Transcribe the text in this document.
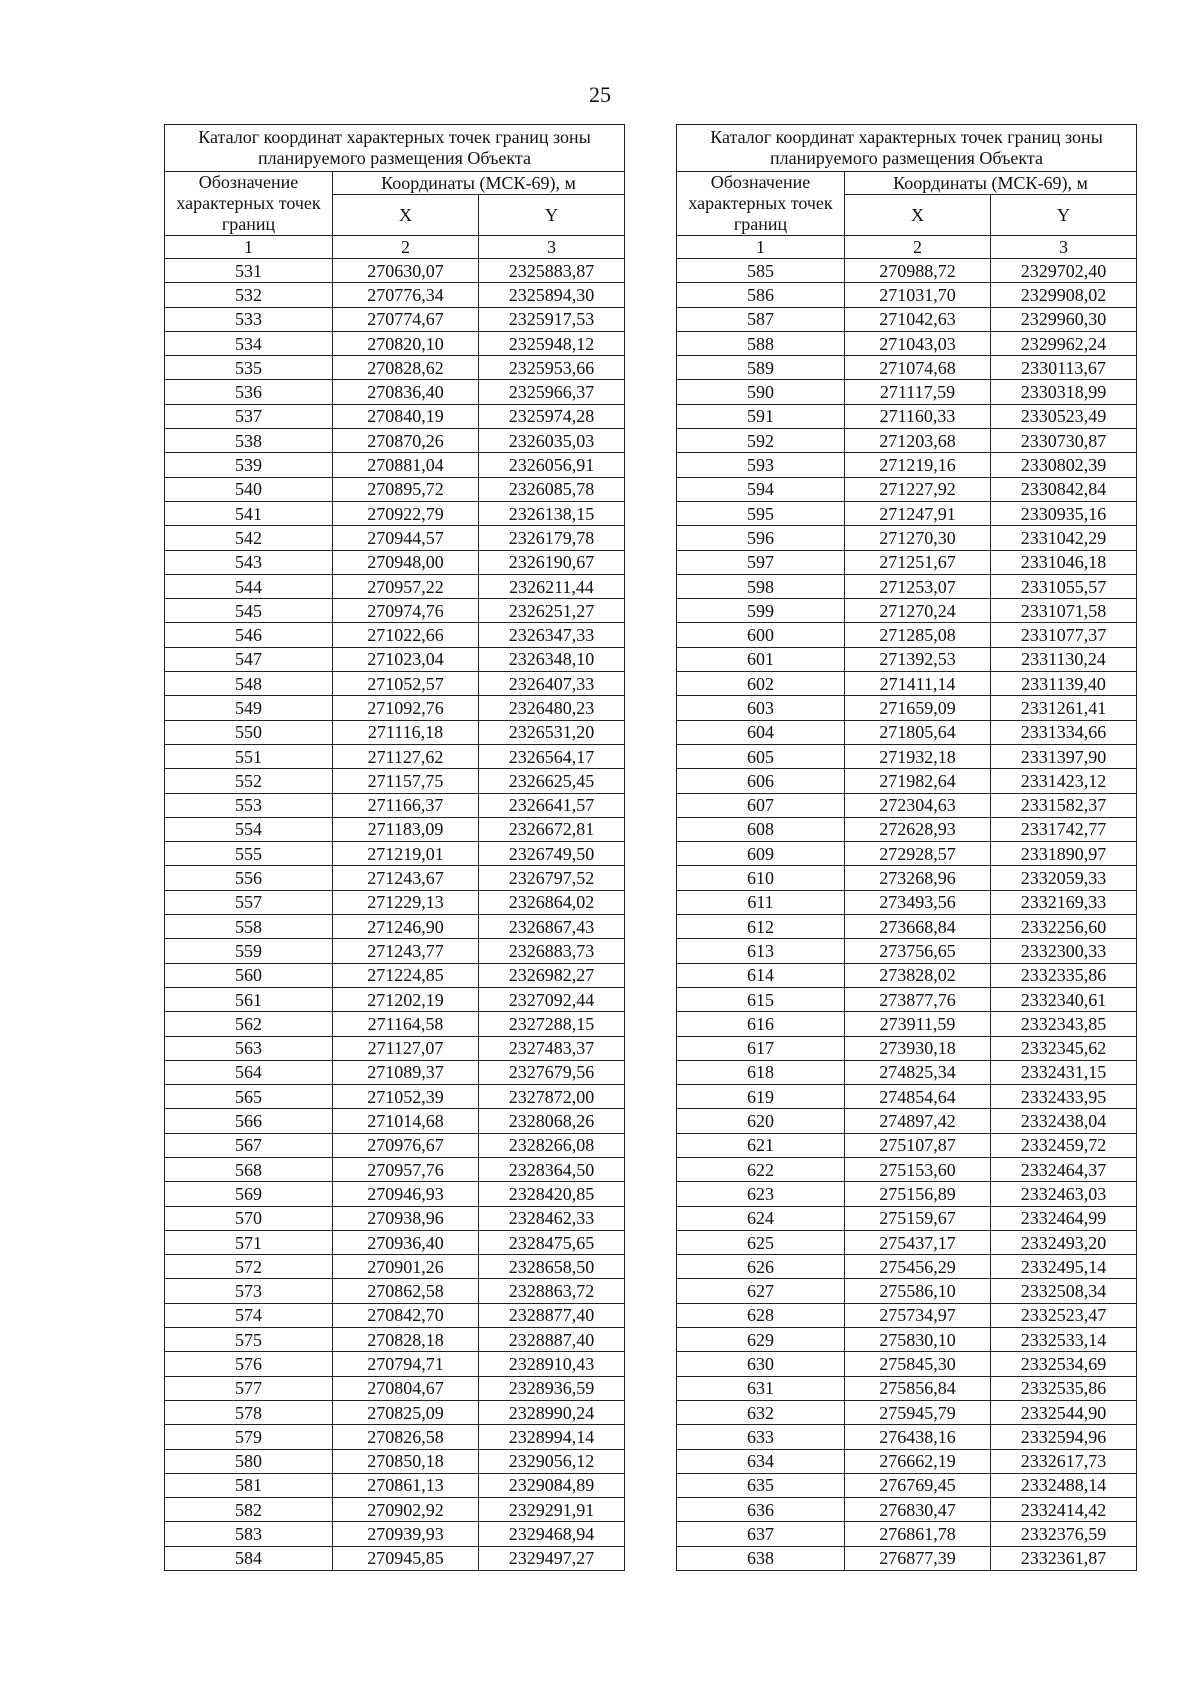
25
Каталог координат характерных точек границ зоны планируемого размещения Объекта		
Обозначение характерных точек границ	Координаты (МСК-69), м	
	X	Y
1	2	3
531	270630,07	2325883,87
532	270776,34	2325894,30
533	270774,67	2325917,53
534	270820,10	2325948,12
535	270828,62	2325953,66
536	270836,40	2325966,37
537	270840,19	2325974,28
538	270870,26	2326035,03
539	270881,04	2326056,91
540	270895,72	2326085,78
541	270922,79	2326138,15
542	270944,57	2326179,78
543	270948,00	2326190,67
544	270957,22	2326211,44
545	270974,76	2326251,27
546	271022,66	2326347,33
547	271023,04	2326348,10
548	271052,57	2326407,33
549	271092,76	2326480,23
550	271116,18	2326531,20
551	271127,62	2326564,17
552	271157,75	2326625,45
553	271166,37	2326641,57
554	271183,09	2326672,81
555	271219,01	2326749,50
556	271243,67	2326797,52
557	271229,13	2326864,02
558	271246,90	2326867,43
559	271243,77	2326883,73
560	271224,85	2326982,27
561	271202,19	2327092,44
562	271164,58	2327288,15
563	271127,07	2327483,37
564	271089,37	2327679,56
565	271052,39	2327872,00
566	271014,68	2328068,26
567	270976,67	2328266,08
568	270957,76	2328364,50
569	270946,93	2328420,85
570	270938,96	2328462,33
571	270936,40	2328475,65
572	270901,26	2328658,50
573	270862,58	2328863,72
574	270842,70	2328877,40
575	270828,18	2328887,40
576	270794,71	2328910,43
577	270804,67	2328936,59
578	270825,09	2328990,24
579	270826,58	2328994,14
580	270850,18	2329056,12
581	270861,13	2329084,89
582	270902,92	2329291,91
583	270939,93	2329468,94
584	270945,85	2329497,27
Каталог координат характерных точек границ зоны планируемого размещения Объекта		
Обозначение характерных точек границ	Координаты (МСК-69), м	
	X	Y
1	2	3
585	270988,72	2329702,40
586	271031,70	2329908,02
587	271042,63	2329960,30
588	271043,03	2329962,24
589	271074,68	2330113,67
590	271117,59	2330318,99
591	271160,33	2330523,49
592	271203,68	2330730,87
593	271219,16	2330802,39
594	271227,92	2330842,84
595	271247,91	2330935,16
596	271270,30	2331042,29
597	271251,67	2331046,18
598	271253,07	2331055,57
599	271270,24	2331071,58
600	271285,08	2331077,37
601	271392,53	2331130,24
602	271411,14	2331139,40
603	271659,09	2331261,41
604	271805,64	2331334,66
605	271932,18	2331397,90
606	271982,64	2331423,12
607	272304,63	2331582,37
608	272628,93	2331742,77
609	272928,57	2331890,97
610	273268,96	2332059,33
611	273493,56	2332169,33
612	273668,84	2332256,60
613	273756,65	2332300,33
614	273828,02	2332335,86
615	273877,76	2332340,61
616	273911,59	2332343,85
617	273930,18	2332345,62
618	274825,34	2332431,15
619	274854,64	2332433,95
620	274897,42	2332438,04
621	275107,87	2332459,72
622	275153,60	2332464,37
623	275156,89	2332463,03
624	275159,67	2332464,99
625	275437,17	2332493,20
626	275456,29	2332495,14
627	275586,10	2332508,34
628	275734,97	2332523,47
629	275830,10	2332533,14
630	275845,30	2332534,69
631	275856,84	2332535,86
632	275945,79	2332544,90
633	276438,16	2332594,96
634	276662,19	2332617,73
635	276769,45	2332488,14
636	276830,47	2332414,42
637	276861,78	2332376,59
638	276877,39	2332361,87
